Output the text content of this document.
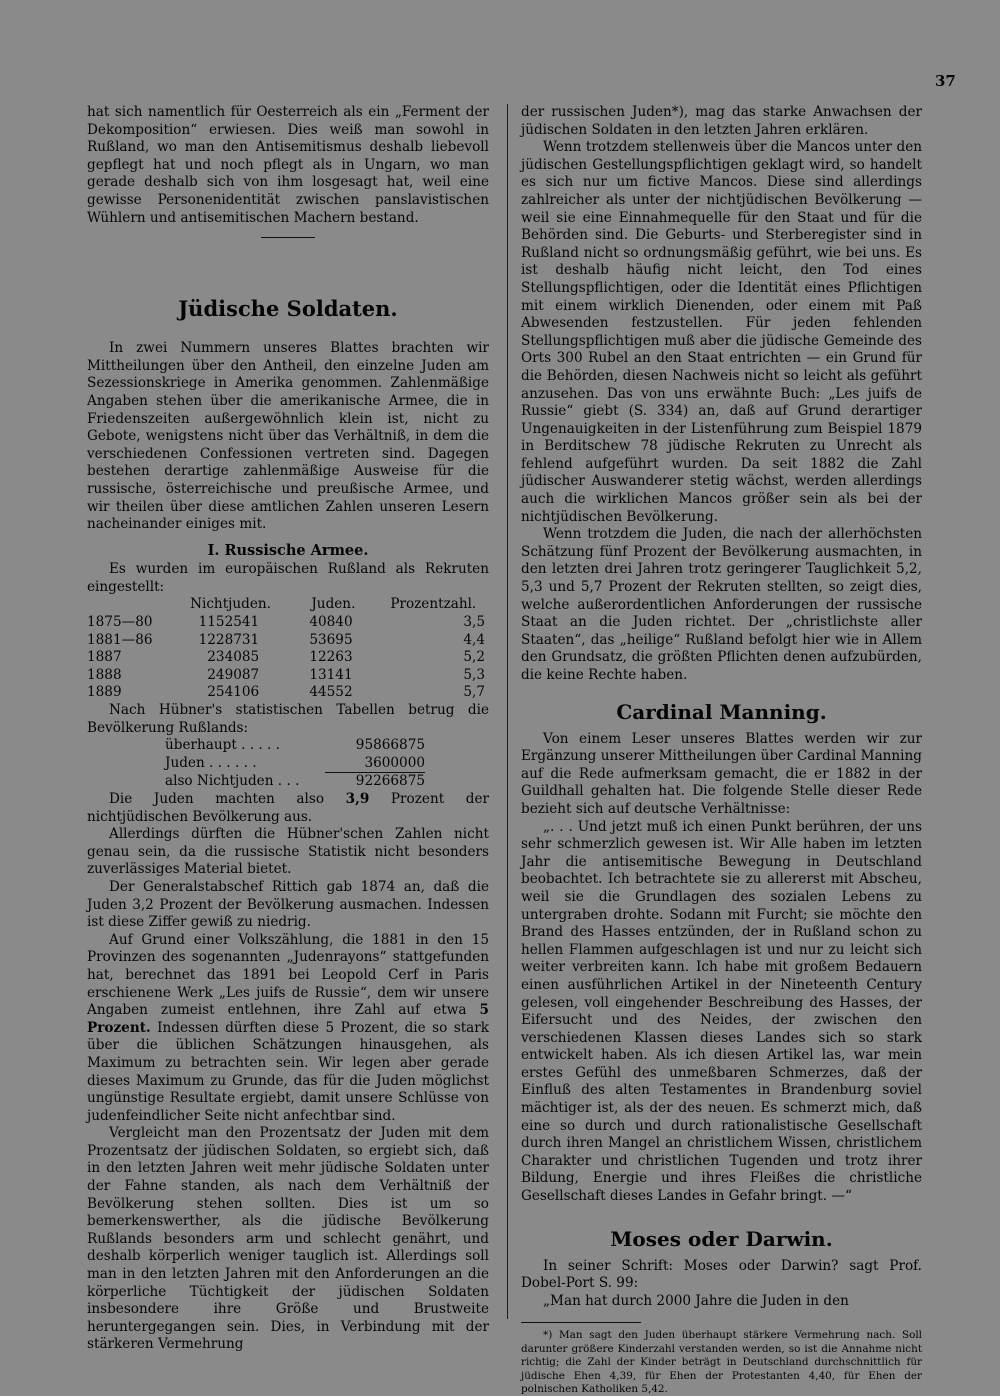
37

hat sich namentlich für Oesterreich als ein „Ferment der Dekomposition“ erwiesen. Dies weiß man sowohl in Rußland, wo man den Antisemitismus deshalb liebevoll gepflegt hat und noch pflegt als in Ungarn, wo man gerade deshalb sich von ihm losgesagt hat, weil eine gewisse Personenidentität zwischen panslavistischen Wühlern und antisemitischen Machern bestand.

Jüdische Soldaten.

In zwei Nummern unseres Blattes brachten wir Mittheilungen über den Antheil, den einzelne Juden am Sezessionskriege in Amerika genommen. Zahlenmäßige Angaben stehen über die amerikanische Armee, die in Friedenszeiten außergewöhnlich klein ist, nicht zu Gebote, wenigstens nicht über das Verhältniß, in dem die verschiedenen Confessionen vertreten sind. Dagegen bestehen derartige zahlenmäßige Ausweise für die russische, österreichische und preußische Armee, und wir theilen über diese amtlichen Zahlen unseren Lesern nacheinander einiges mit.

I. Russische Armee.

Es wurden im europäischen Rußland als Rekruten eingestellt:

	Nichtjuden.	Juden.	Prozentzahl.
1875—80	1152541	40840	3,5
1881—86	1228731	53695	4,4
1887	234085	12263	5,2
1888	249087	13141	5,3
1889	254106	44552	5,7

Nach Hübner's statistischen Tabellen betrug die Bevölkerung Rußlands:

überhaupt . . . . .	95866875
Juden . . . . . .	3600000
also Nichtjuden . . .	92266875

Die Juden machten also 3,9 Prozent der nichtjüdischen Bevölkerung aus.

Allerdings dürften die Hübner'schen Zahlen nicht genau sein, da die russische Statistik nicht besonders zuverlässiges Material bietet.

Der Generalstabschef Rittich gab 1874 an, daß die Juden 3,2 Prozent der Bevölkerung ausmachen. Indessen ist diese Ziffer gewiß zu niedrig.

Auf Grund einer Volkszählung, die 1881 in den 15 Provinzen des sogenannten „Judenrayons“ stattgefunden hat, berechnet das 1891 bei Leopold Cerf in Paris erschienene Werk „Les juifs de Russie“, dem wir unsere Angaben zumeist entlehnen, ihre Zahl auf etwa 5 Prozent. Indessen dürften diese 5 Prozent, die so stark über die üblichen Schätzungen hinausgehen, als Maximum zu betrachten sein. Wir legen aber gerade dieses Maximum zu Grunde, das für die Juden möglichst ungünstige Resultate ergiebt, damit unsere Schlüsse von judenfeindlicher Seite nicht anfechtbar sind.

Vergleicht man den Prozentsatz der Juden mit dem Prozentsatz der jüdischen Soldaten, so ergiebt sich, daß in den letzten Jahren weit mehr jüdische Soldaten unter der Fahne standen, als nach dem Verhältniß der Bevölkerung stehen sollten. Dies ist um so bemerkenswerther, als die jüdische Bevölkerung Rußlands besonders arm und schlecht genährt, und deshalb körperlich weniger tauglich ist. Allerdings soll man in den letzten Jahren mit den Anforderungen an die körperliche Tüchtigkeit der jüdischen Soldaten insbesondere ihre Größe und Brustweite heruntergegangen sein. Dies, in Verbindung mit der stärkeren Vermehrung

der russischen Juden*), mag das starke Anwachsen der jüdischen Soldaten in den letzten Jahren erklären.

Wenn trotzdem stellenweis über die Mancos unter den jüdischen Gestellungspflichtigen geklagt wird, so handelt es sich nur um fictive Mancos. Diese sind allerdings zahlreicher als unter der nichtjüdischen Bevölkerung — weil sie eine Einnahmequelle für den Staat und für die Behörden sind. Die Geburts- und Sterberegister sind in Rußland nicht so ordnungsmäßig geführt, wie bei uns. Es ist deshalb häufig nicht leicht, den Tod eines Stellungspflichtigen, oder die Identität eines Pflichtigen mit einem wirklich Dienenden, oder einem mit Paß Abwesenden festzustellen. Für jeden fehlenden Stellungspflichtigen muß aber die jüdische Gemeinde des Orts 300 Rubel an den Staat entrichten — ein Grund für die Behörden, diesen Nachweis nicht so leicht als geführt anzusehen. Das von uns erwähnte Buch: „Les juifs de Russie“ giebt (S. 334) an, daß auf Grund derartiger Ungenauigkeiten in der Listenführung zum Beispiel 1879 in Berditschew 78 jüdische Rekruten zu Unrecht als fehlend aufgeführt wurden. Da seit 1882 die Zahl jüdischer Auswanderer stetig wächst, werden allerdings auch die wirklichen Mancos größer sein als bei der nichtjüdischen Bevölkerung.

Wenn trotzdem die Juden, die nach der allerhöchsten Schätzung fünf Prozent der Bevölkerung ausmachten, in den letzten drei Jahren trotz geringerer Tauglichkeit 5,2, 5,3 und 5,7 Prozent der Rekruten stellten, so zeigt dies, welche außerordentlichen Anforderungen der russische Staat an die Juden richtet. Der „christlichste aller Staaten“, das „heilige“ Rußland befolgt hier wie in Allem den Grundsatz, die größten Pflichten denen aufzubürden, die keine Rechte haben.

Cardinal Manning.

Von einem Leser unseres Blattes werden wir zur Ergänzung unserer Mittheilungen über Cardinal Manning auf die Rede aufmerksam gemacht, die er 1882 in der Guildhall gehalten hat. Die folgende Stelle dieser Rede bezieht sich auf deutsche Verhältnisse:

„. . . Und jetzt muß ich einen Punkt berühren, der uns sehr schmerzlich gewesen ist. Wir Alle haben im letzten Jahr die antisemitische Bewegung in Deutschland beobachtet. Ich betrachtete sie zu allererst mit Abscheu, weil sie die Grundlagen des sozialen Lebens zu untergraben drohte. Sodann mit Furcht; sie möchte den Brand des Hasses entzünden, der in Rußland schon zu hellen Flammen aufgeschlagen ist und nur zu leicht sich weiter verbreiten kann. Ich habe mit großem Bedauern einen ausführlichen Artikel in der Nineteenth Century gelesen, voll eingehender Beschreibung des Hasses, der Eifersucht und des Neides, der zwischen den verschiedenen Klassen dieses Landes sich so stark entwickelt haben. Als ich diesen Artikel las, war mein erstes Gefühl des unmeßbaren Schmerzes, daß der Einfluß des alten Testamentes in Brandenburg soviel mächtiger ist, als der des neuen. Es schmerzt mich, daß eine so durch und durch rationalistische Gesellschaft durch ihren Mangel an christlichem Wissen, christlichem Charakter und christlichen Tugenden und trotz ihrer Bildung, Energie und ihres Fleißes die christliche Gesellschaft dieses Landes in Gefahr bringt. —“

Moses oder Darwin.

In seiner Schrift: Moses oder Darwin? sagt Prof. Dobel-Port S. 99:

„Man hat durch 2000 Jahre die Juden in den

*) Man sagt den Juden überhaupt stärkere Vermehrung nach. Soll darunter größere Kinderzahl verstanden werden, so ist die Annahme nicht richtig; die Zahl der Kinder beträgt in Deutschland durchschnittlich für jüdische Ehen 4,39, für Ehen der Protestanten 4,40, für Ehen der polnischen Katholiken 5,42.
